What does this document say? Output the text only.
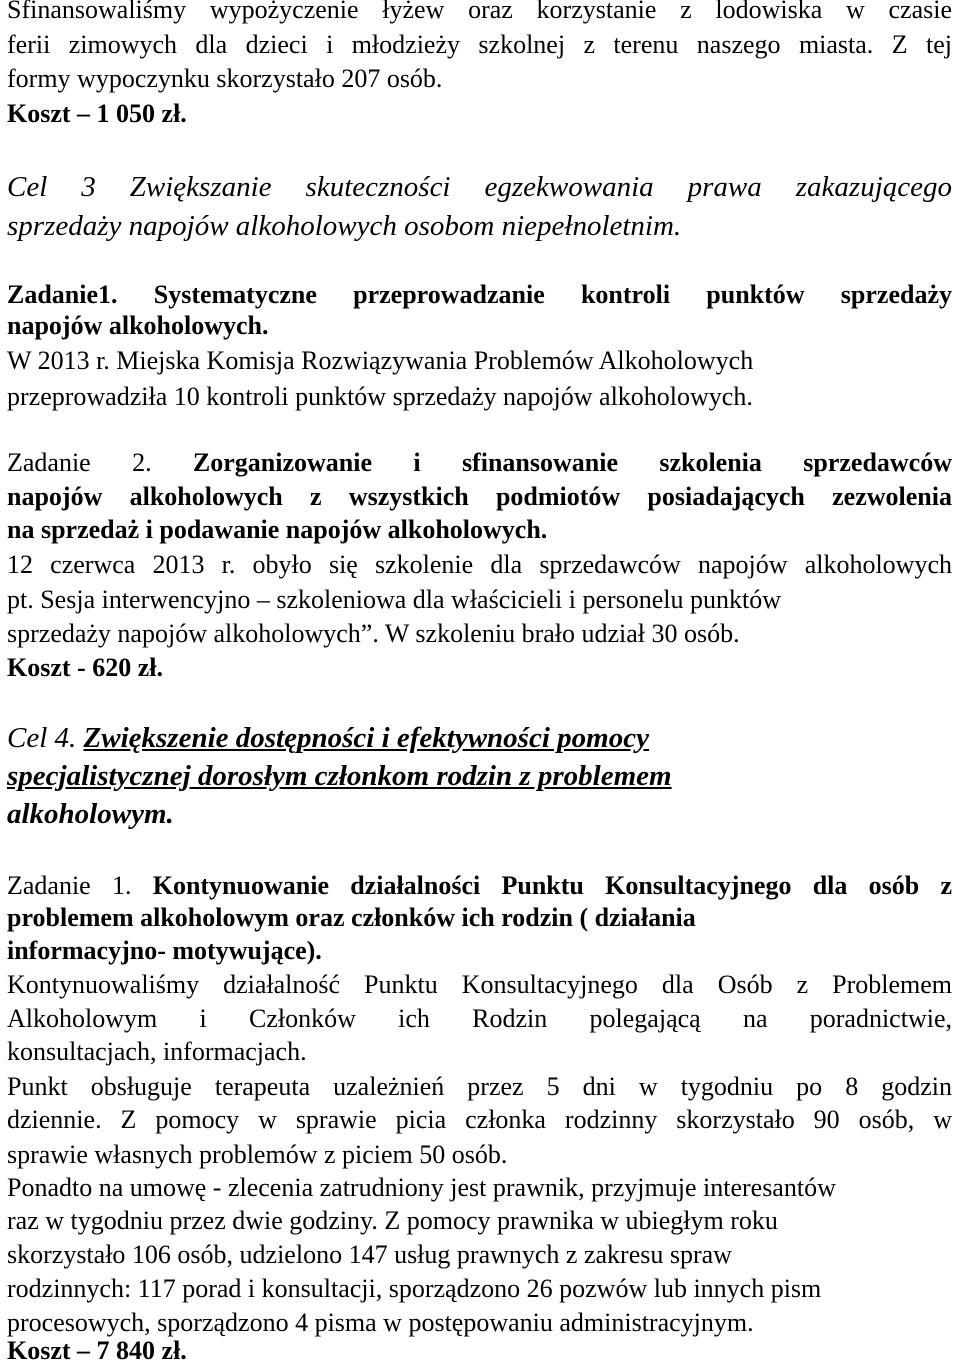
Sfinansowaliśmy wypożyczenie łyżew oraz korzystanie z lodowiska w czasie
ferii zimowych dla dzieci i młodzieży szkolnej z terenu naszego miasta. Z tej
formy wypoczynku skorzystało 207 osób.
Koszt – 1 050 zł.
Cel 3 Zwiększanie skuteczności egzekwowania prawa zakazującego
sprzedaży napojów alkoholowych osobom niepełnoletnim.
Zadanie1. Systematyczne przeprowadzanie kontroli punktów sprzedaży
napojów alkoholowych.
W 2013 r. Miejska Komisja Rozwiązywania Problemów Alkoholowych
przeprowadziła 10 kontroli punktów sprzedaży napojów alkoholowych.
Zadanie 2. Zorganizowanie i sfinansowanie szkolenia sprzedawców
napojów alkoholowych z wszystkich podmiotów posiadających zezwolenia
na sprzedaż i podawanie napojów alkoholowych.
12 czerwca 2013 r. obyło się szkolenie dla sprzedawców napojów alkoholowych
pt. Sesja interwencyjno – szkoleniowa dla właścicieli i personelu punktów
sprzedaży napojów alkoholowych”. W szkoleniu brało udział 30 osób.
Koszt - 620 zł.
Cel 4. Zwiększenie dostępności i efektywności pomocy
specjalistycznej dorosłym członkom rodzin z problemem
alkoholowym.
Zadanie 1. Kontynuowanie działalności Punktu Konsultacyjnego dla osób z
problemem alkoholowym oraz członków ich rodzin ( działania
informacyjno- motywujące).
Kontynuowaliśmy działalność Punktu Konsultacyjnego dla Osób z Problemem
Alkoholowym i Członków ich Rodzin polegającą na poradnictwie,
konsultacjach, informacjach.
Punkt obsługuje terapeuta uzależnień przez 5 dni w tygodniu po 8 godzin
dziennie. Z pomocy w sprawie picia członka rodzinny skorzystało 90 osób, w
sprawie własnych problemów z piciem 50 osób.
Ponadto na umowę - zlecenia zatrudniony jest prawnik, przyjmuje interesantów
raz w tygodniu przez dwie godziny. Z pomocy prawnika w ubiegłym roku
skorzystało 106 osób, udzielono 147 usług prawnych z zakresu spraw
rodzinnych: 117 porad i konsultacji, sporządzono 26 pozwów lub innych pism
procesowych, sporządzono 4 pisma w postępowaniu administracyjnym.
Koszt – 7 840 zł.
